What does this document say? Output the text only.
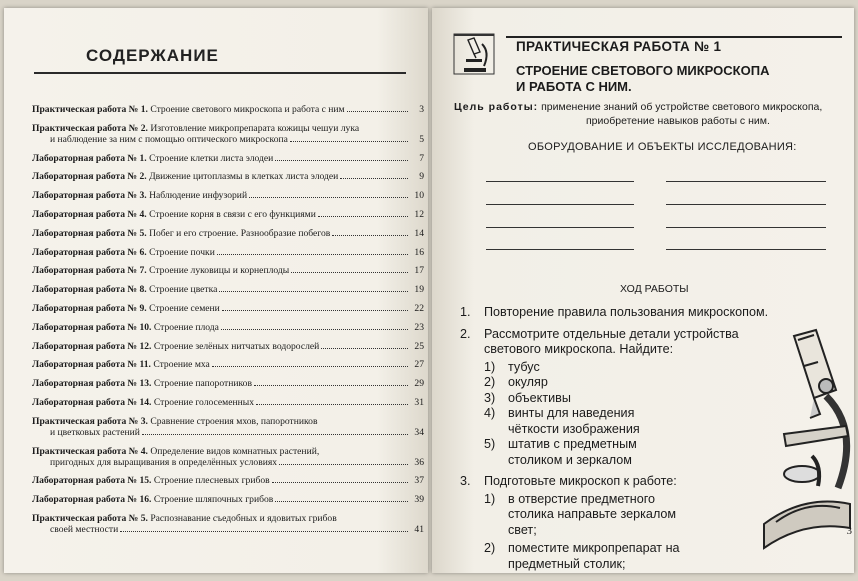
СОДЕРЖАНИЕ
Практическая работа № 1. Строение светового микроскопа и работа с ним	3
Практическая работа № 2. Изготовление микропрепарата кожицы чешуи лука
и наблюдение за ним с помощью оптического микроскопа	5
Лабораторная работа № 1. Строение клетки листа элодеи	7
Лабораторная работа № 2. Движение цитоплазмы в клетках листа элодеи	9
Лабораторная работа № 3. Наблюдение инфузорий	10
Лабораторная работа № 4. Строение корня в связи с его функциями	12
Лабораторная работа № 5. Побег и его строение. Разнообразие побегов	14
Лабораторная работа № 6. Строение почки	16
Лабораторная работа № 7. Строение луковицы и корнеплоды	17
Лабораторная работа № 8. Строение цветка	19
Лабораторная работа № 9. Строение семени	22
Лабораторная работа № 10. Строение плода	23
Лабораторная работа № 12. Строение зелёных нитчатых водорослей	25
Лабораторная работа № 11. Строение мха	27
Лабораторная работа № 13. Строение папоротников	29
Лабораторная работа № 14. Строение голосеменных	31
Практическая работа № 3. Сравнение строения мхов, папоротников
и цветковых растений	34
Практическая работа № 4. Определение видов комнатных растений,
пригодных для выращивания в определённых условиях	36
Лабораторная работа № 15. Строение плесневых грибов	37
Лабораторная работа № 16. Строение шляпочных грибов	39
Практическая работа № 5. Распознавание съедобных и ядовитых грибов
своей местности	41
ПРАКТИЧЕСКАЯ РАБОТА № 1
СТРОЕНИЕ СВЕТОВОГО МИКРОСКОПА
И РАБОТА С НИМ.
Цель работы: применение знаний об устройстве светового микроскопа,
приобретение навыков работы с ним.
ОБОРУДОВАНИЕ И ОБЪЕКТЫ ИССЛЕДОВАНИЯ:
ХОД РАБОТЫ
1.	Повторение правила пользования микроскопом.
2.	Рассмотрите отдельные детали устройства светового микроскопа. Найдите:
1)	тубус
2)	окуляр
3)	объективы
4)	винты для наведения чёткости изображения
5)	штатив с предметным столиком и зеркалом
3.	Подготовьте микроскоп к работе:
1)	в отверстие предметного столика направьте зеркалом свет;
2)	поместите микропрепарат на предметный столик;
3
